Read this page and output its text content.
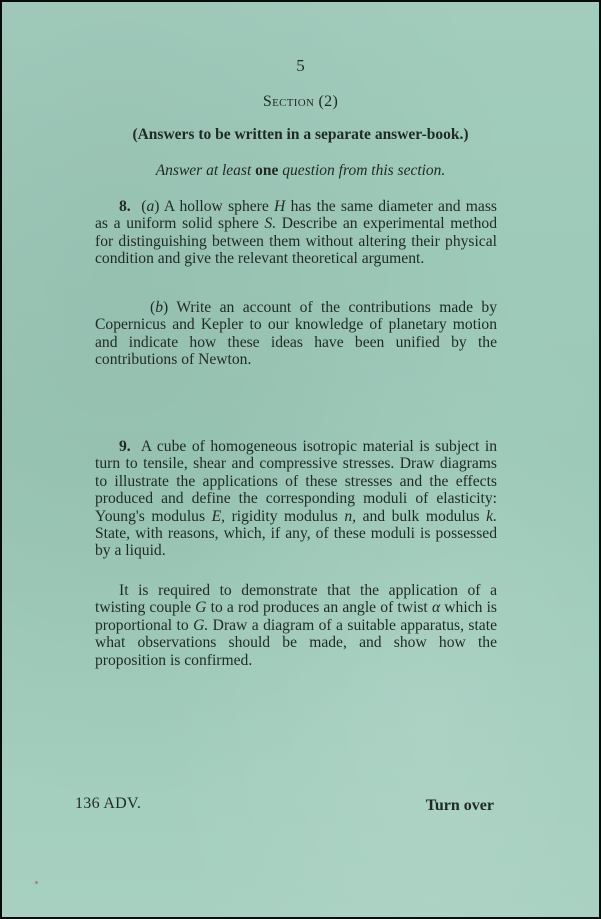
5
Section (2)
(Answers to be written in a separate answer-book.)
Answer at least one question from this section.

8. (a) A hollow sphere H has the same diameter and mass as a uniform solid sphere S. Describe an experimental method for distinguishing between them without altering their physical condition and give the relevant theoretical argument.

(b) Write an account of the contributions made by Copernicus and Kepler to our knowledge of planetary motion and indicate how these ideas have been unified by the contributions of Newton.

9. A cube of homogeneous isotropic material is subject in turn to tensile, shear and compressive stresses. Draw diagrams to illustrate the applications of these stresses and the effects produced and define the corresponding moduli of elasticity: Young's modulus E, rigidity modulus n, and bulk modulus k. State, with reasons, which, if any, of these moduli is possessed by a liquid.

It is required to demonstrate that the application of a twisting couple G to a rod produces an angle of twist α which is proportional to G. Draw a diagram of a suitable apparatus, state what observations should be made, and show how the proposition is confirmed.

136 ADV.	Turn over
